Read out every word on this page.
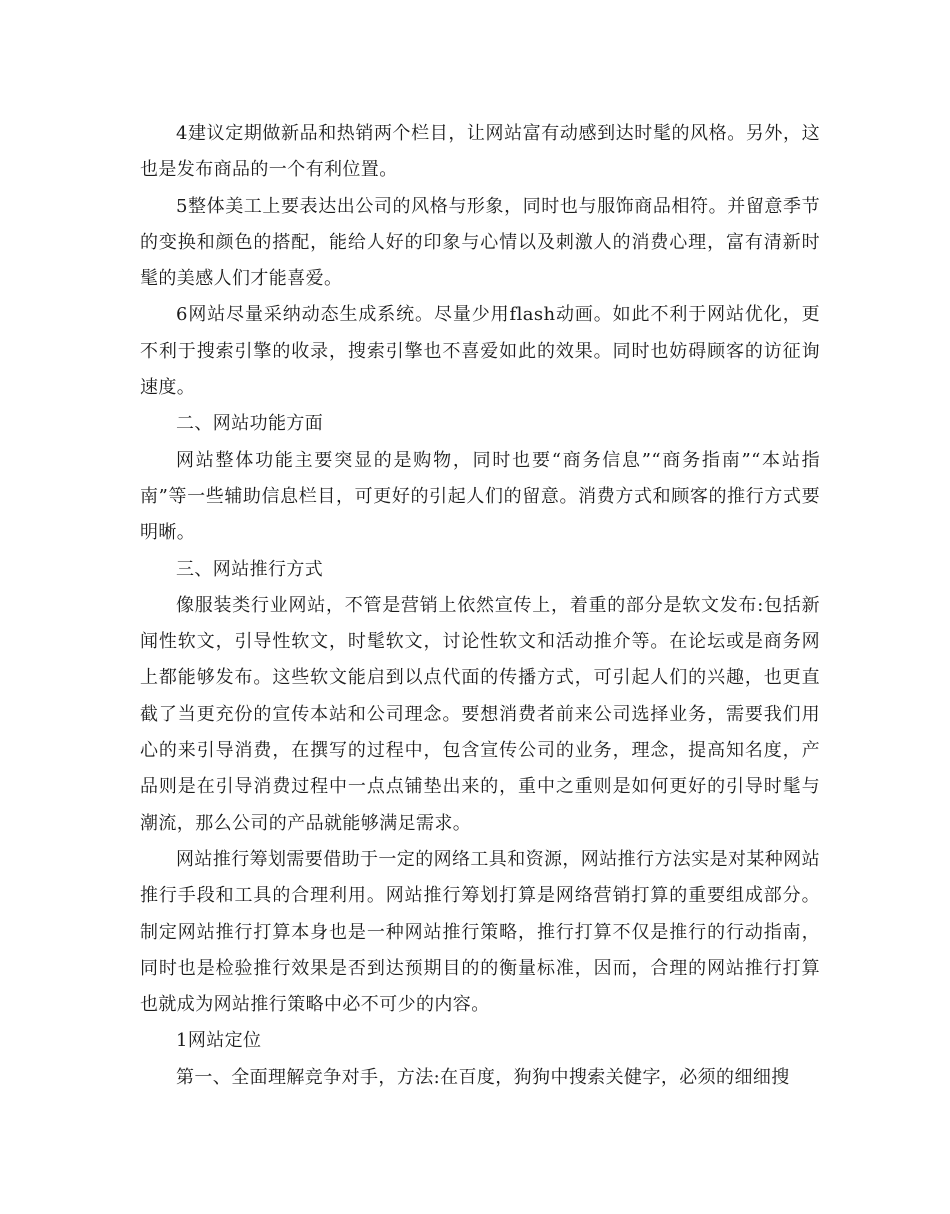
4建议定期做新品和热销两个栏目，让网站富有动感到达时髦的风格。另外，这也是发布商品的一个有利位置。

5整体美工上要表达出公司的风格与形象，同时也与服饰商品相符。并留意季节的变换和颜色的搭配，能给人好的印象与心情以及刺激人的消费心理，富有清新时髦的美感人们才能喜爱。

6网站尽量采纳动态生成系统。尽量少用flash动画。如此不利于网站优化，更不利于搜索引擎的收录，搜索引擎也不喜爱如此的效果。同时也妨碍顾客的访征询速度。

二、网站功能方面

网站整体功能主要突显的是购物，同时也要“商务信息”“商务指南”“本站指南”等一些辅助信息栏目，可更好的引起人们的留意。消费方式和顾客的推行方式要明晰。

三、网站推行方式

像服装类行业网站，不管是营销上依然宣传上，着重的部分是软文发布:包括新闻性软文，引导性软文，时髦软文，讨论性软文和活动推介等。在论坛或是商务网上都能够发布。这些软文能启到以点代面的传播方式，可引起人们的兴趣，也更直截了当更充份的宣传本站和公司理念。要想消费者前来公司选择业务，需要我们用心的来引导消费，在撰写的过程中，包含宣传公司的业务，理念，提高知名度，产品则是在引导消费过程中一点点铺垫出来的，重中之重则是如何更好的引导时髦与潮流，那么公司的产品就能够满足需求。

网站推行筹划需要借助于一定的网络工具和资源，网站推行方法实是对某种网站推行手段和工具的合理利用。网站推行筹划打算是网络营销打算的重要组成部分。制定网站推行打算本身也是一种网站推行策略，推行打算不仅是推行的行动指南，同时也是检验推行效果是否到达预期目的的衡量标准，因而，合理的网站推行打算也就成为网站推行策略中必不可少的内容。

1网站定位

第一、全面理解竞争对手，方法:在百度，狗狗中搜索关健字，必须的细细搜
